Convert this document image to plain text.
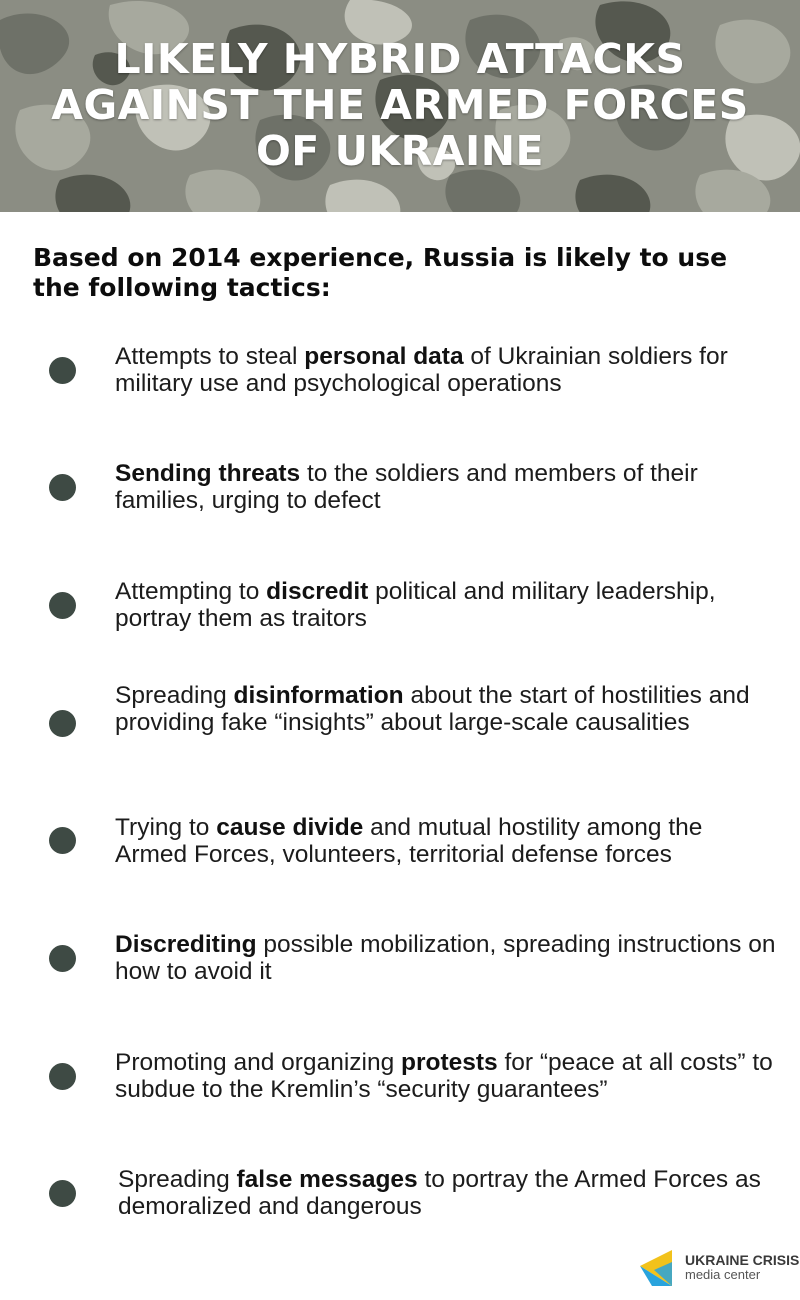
LIKELY HYBRID ATTACKS
AGAINST THE ARMED FORCES
OF UKRAINE

Based on 2014 experience, Russia is likely to use the following tactics:

Attempts to steal personal data of Ukrainian soldiers for military use and psychological operations

Sending threats to the soldiers and members of their families, urging to defect

Attempting to discredit political and military leadership, portray them as traitors

Spreading disinformation about the start of hostilities and providing fake “insights” about large-scale causalities

Trying to cause divide and mutual hostility among the Armed Forces, volunteers, territorial defense forces

Discrediting possible mobilization, spreading instructions on how to avoid it

Promoting and organizing protests for “peace at all costs” to subdue to the Kremlin’s “security guarantees”

Spreading false messages to portray the Armed Forces as demoralized and dangerous

UKRAINE CRISIS
media center
